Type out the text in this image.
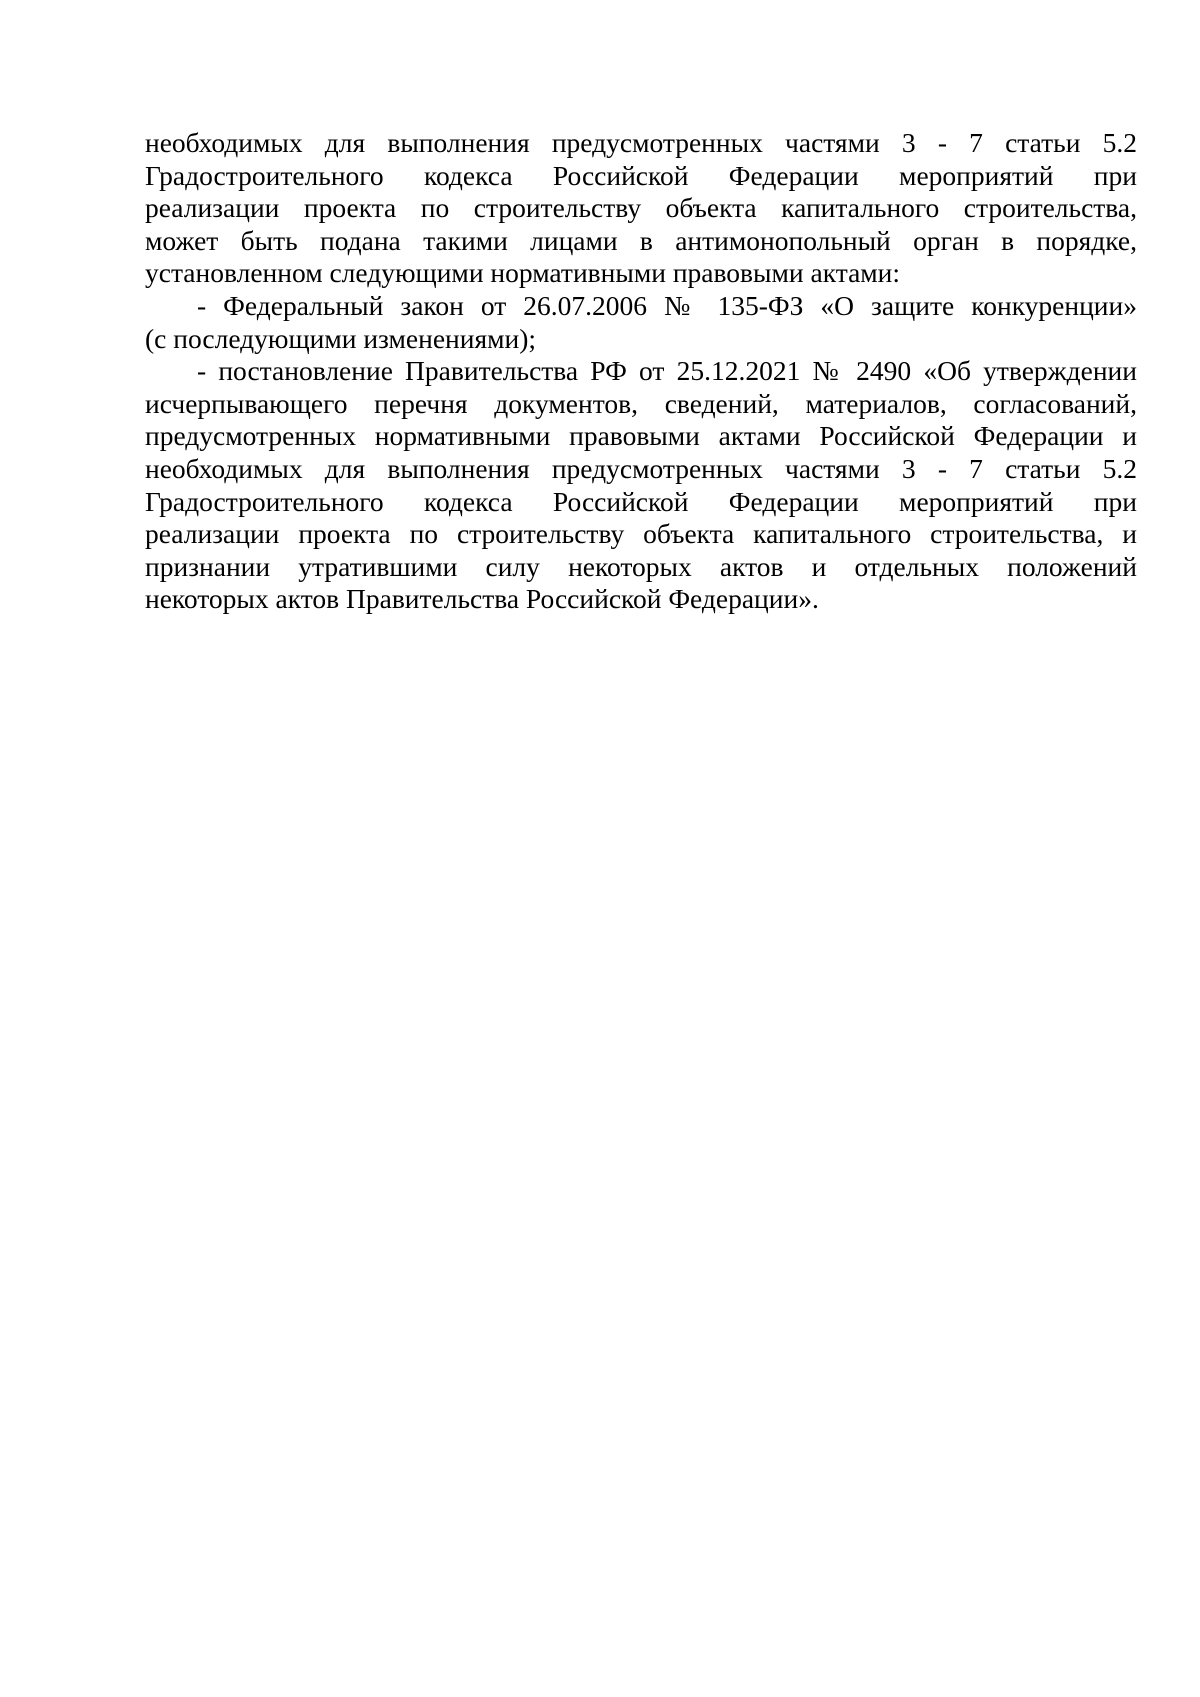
необходимых для выполнения предусмотренных частями 3 - 7 статьи 5.2
Градостроительного кодекса Российской Федерации мероприятий при
реализации проекта по строительству объекта капитального строительства,
может быть подана такими лицами в антимонопольный орган в порядке,
установленном следующими нормативными правовыми актами:
- Федеральный закон от 26.07.2006 № 135-ФЗ «О защите конкуренции»
(с последующими изменениями);
- постановление Правительства РФ от 25.12.2021 № 2490 «Об утверждении
исчерпывающего перечня документов, сведений, материалов, согласований,
предусмотренных нормативными правовыми актами Российской Федерации и
необходимых для выполнения предусмотренных частями 3 - 7 статьи 5.2
Градостроительного кодекса Российской Федерации мероприятий при
реализации проекта по строительству объекта капитального строительства, и
признании утратившими силу некоторых актов и отдельных положений
некоторых актов Правительства Российской Федерации».
